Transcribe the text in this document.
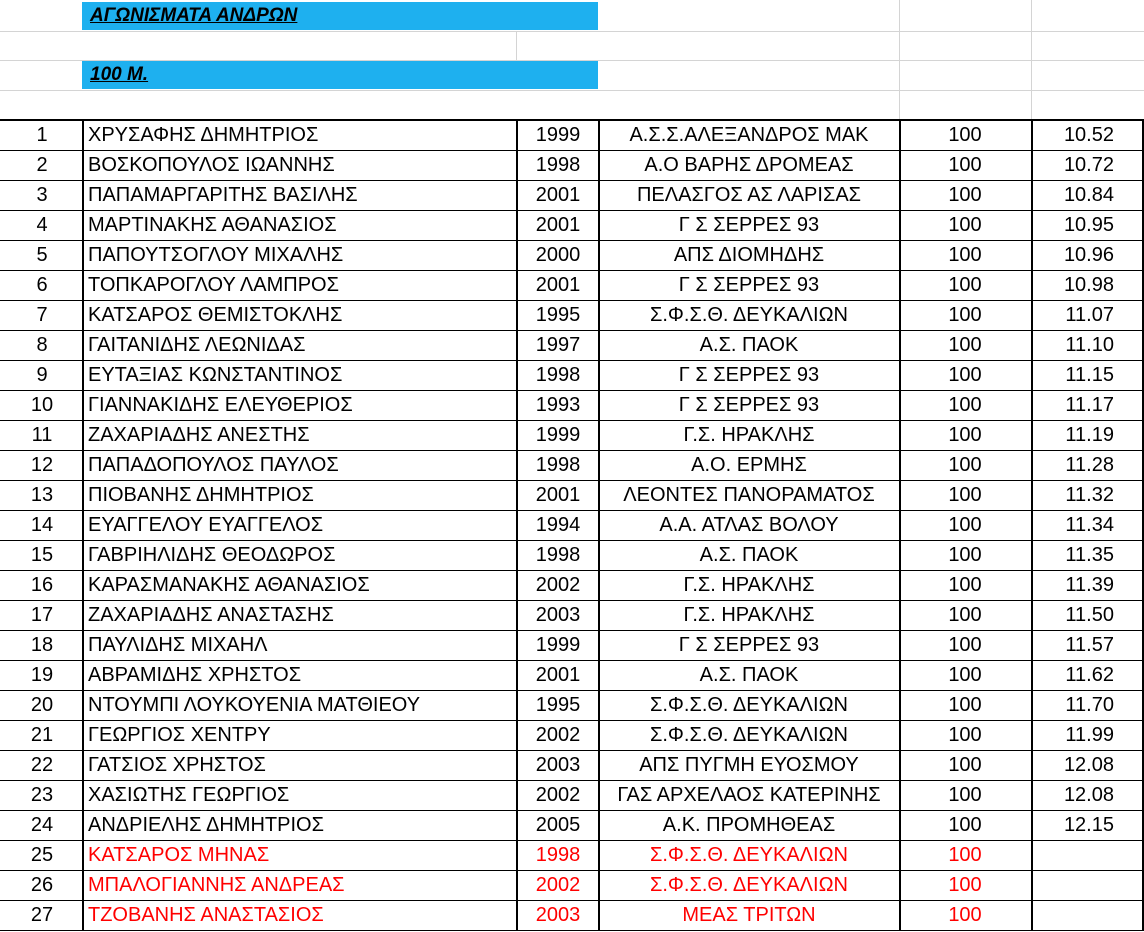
ΑΓΩΝΙΣΜΑΤΑ ΑΝΔΡΩΝ
100 Μ.
1	ΧΡΥΣΑΦΗΣ ΔΗΜΗΤΡΙΟΣ	1999	Α.Σ.Σ.ΑΛΕΞΑΝΔΡΟΣ ΜΑΚ	100	10.52
2	ΒΟΣΚΟΠΟΥΛΟΣ ΙΩΑΝΝΗΣ	1998	Α.Ο ΒΑΡΗΣ ΔΡΟΜΕΑΣ	100	10.72
3	ΠΑΠΑΜΑΡΓΑΡΙΤΗΣ ΒΑΣΙΛΗΣ	2001	ΠΕΛΑΣΓΟΣ ΑΣ ΛΑΡΙΣΑΣ	100	10.84
4	ΜΑΡΤΙΝΑΚΗΣ ΑΘΑΝΑΣΙΟΣ	2001	Γ Σ ΣΕΡΡΕΣ 93	100	10.95
5	ΠΑΠΟΥΤΣΟΓΛΟΥ ΜΙΧΑΛΗΣ	2000	ΑΠΣ ΔΙΟΜΗΔΗΣ	100	10.96
6	ΤΟΠΚΑΡΟΓΛΟΥ ΛΑΜΠΡΟΣ	2001	Γ Σ ΣΕΡΡΕΣ 93	100	10.98
7	ΚΑΤΣΑΡΟΣ ΘΕΜΙΣΤΟΚΛΗΣ	1995	Σ.Φ.Σ.Θ. ΔΕΥΚΑΛΙΩΝ	100	11.07
8	ΓΑΙΤΑΝΙΔΗΣ ΛΕΩΝΙΔΑΣ	1997	Α.Σ. ΠΑΟΚ	100	11.10
9	ΕΥΤΑΞΙΑΣ ΚΩΝΣΤΑΝΤΙΝΟΣ	1998	Γ Σ ΣΕΡΡΕΣ 93	100	11.15
10	ΓΙΑΝΝΑΚΙΔΗΣ ΕΛΕΥΘΕΡΙΟΣ	1993	Γ Σ ΣΕΡΡΕΣ 93	100	11.17
11	ΖΑΧΑΡΙΑΔΗΣ ΑΝΕΣΤΗΣ	1999	Γ.Σ. ΗΡΑΚΛΗΣ	100	11.19
12	ΠΑΠΑΔΟΠΟΥΛΟΣ ΠΑΥΛΟΣ	1998	Α.Ο. ΕΡΜΗΣ	100	11.28
13	ΠΙΟΒΑΝΗΣ ΔΗΜΗΤΡΙΟΣ	2001	ΛΕΟΝΤΕΣ ΠΑΝΟΡΑΜΑΤΟΣ	100	11.32
14	ΕΥΑΓΓΕΛΟΥ ΕΥΑΓΓΕΛΟΣ	1994	Α.Α. ΑΤΛΑΣ ΒΟΛΟΥ	100	11.34
15	ΓΑΒΡΙΗΛΙΔΗΣ ΘΕΟΔΩΡΟΣ	1998	Α.Σ. ΠΑΟΚ	100	11.35
16	ΚΑΡΑΣΜΑΝΑΚΗΣ ΑΘΑΝΑΣΙΟΣ	2002	Γ.Σ. ΗΡΑΚΛΗΣ	100	11.39
17	ΖΑΧΑΡΙΑΔΗΣ ΑΝΑΣΤΑΣΗΣ	2003	Γ.Σ. ΗΡΑΚΛΗΣ	100	11.50
18	ΠΑΥΛΙΔΗΣ ΜΙΧΑΗΛ	1999	Γ Σ ΣΕΡΡΕΣ 93	100	11.57
19	ΑΒΡΑΜΙΔΗΣ ΧΡΗΣΤΟΣ	2001	Α.Σ. ΠΑΟΚ	100	11.62
20	ΝΤΟΥΜΠΙ ΛΟΥΚΟΥΕΝΙΑ ΜΑΤΘΙΕΟΥ	1995	Σ.Φ.Σ.Θ. ΔΕΥΚΑΛΙΩΝ	100	11.70
21	ΓΕΩΡΓΙΟΣ ΧΕΝΤΡΥ	2002	Σ.Φ.Σ.Θ. ΔΕΥΚΑΛΙΩΝ	100	11.99
22	ΓΑΤΣΙΟΣ ΧΡΗΣΤΟΣ	2003	ΑΠΣ ΠΥΓΜΗ ΕΥΟΣΜΟΥ	100	12.08
23	ΧΑΣΙΩΤΗΣ ΓΕΩΡΓΙΟΣ	2002	ΓΑΣ ΑΡΧΕΛΑΟΣ ΚΑΤΕΡΙΝΗΣ	100	12.08
24	ΑΝΔΡΙΕΛΗΣ ΔΗΜΗΤΡΙΟΣ	2005	Α.Κ. ΠΡΟΜΗΘΕΑΣ	100	12.15
25	ΚΑΤΣΑΡΟΣ ΜΗΝΑΣ	1998	Σ.Φ.Σ.Θ. ΔΕΥΚΑΛΙΩΝ	100
26	ΜΠΑΛΟΓΙΑΝΝΗΣ ΑΝΔΡΕΑΣ	2002	Σ.Φ.Σ.Θ. ΔΕΥΚΑΛΙΩΝ	100
27	ΤΖΟΒΑΝΗΣ ΑΝΑΣΤΑΣΙΟΣ	2003	ΜΕΑΣ ΤΡΙΤΩΝ	100
